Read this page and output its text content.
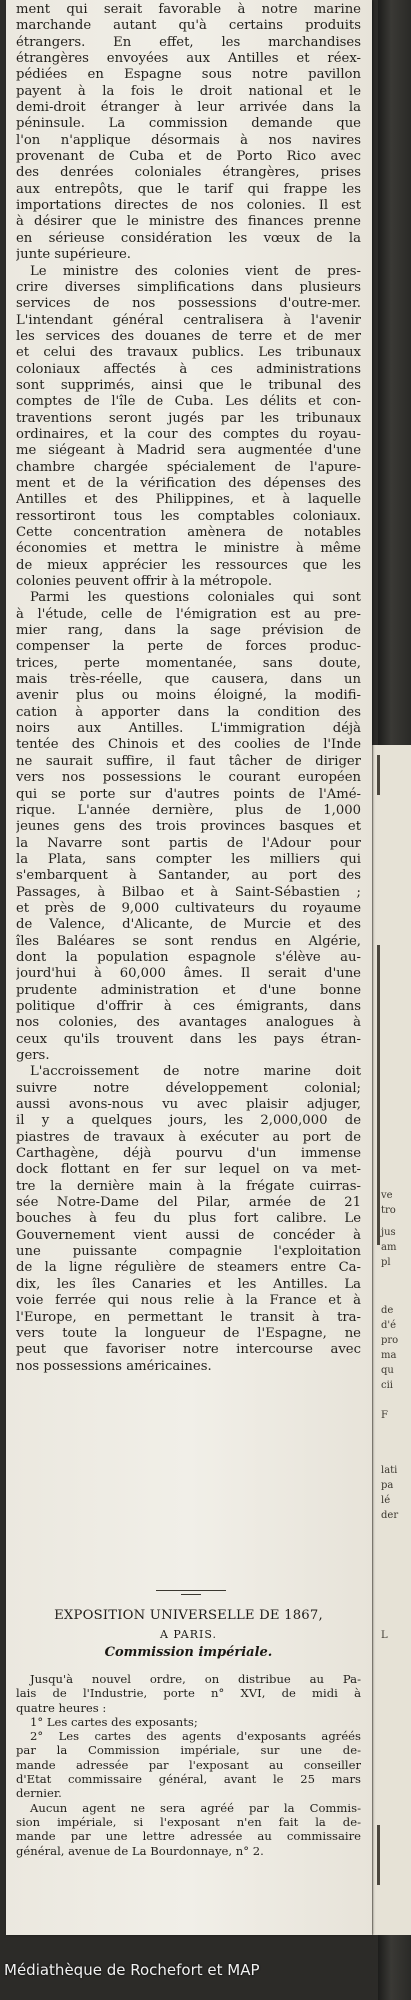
ve
tro
jus
am
pl
de
d'é
pro
ma
qu
cii
F
lati
pa
lé
der
L
ment qui serait favorable à notre marine
marchande autant qu'à certains produits
étrangers. En effet, les marchandises
étrangères envoyées aux Antilles et réex-
pédiées en Espagne sous notre pavillon
payent à la fois le droit national et le
demi-droit étranger à leur arrivée dans la
péninsule. La commission demande que
l'on n'applique désormais à nos navires
provenant de Cuba et de Porto Rico avec
des denrées coloniales étrangères, prises
aux entrepôts, que le tarif qui frappe les
importations directes de nos colonies. Il est
à désirer que le ministre des finances prenne
en sérieuse considération les vœux de la
junte supérieure.
Le ministre des colonies vient de pres-
crire diverses simplifications dans plusieurs
services de nos possessions d'outre-mer.
L'intendant général centralisera à l'avenir
les services des douanes de terre et de mer
et celui des travaux publics. Les tribunaux
coloniaux affectés à ces administrations
sont supprimés, ainsi que le tribunal des
comptes de l'île de Cuba. Les délits et con-
traventions seront jugés par les tribunaux
ordinaires, et la cour des comptes du royau-
me siégeant à Madrid sera augmentée d'une
chambre chargée spécialement de l'apure-
ment et de la vérification des dépenses des
Antilles et des Philippines, et à laquelle
ressortiront tous les comptables coloniaux.
Cette concentration amènera de notables
économies et mettra le ministre à même
de mieux apprécier les ressources que les
colonies peuvent offrir à la métropole.
Parmi les questions coloniales qui sont
à l'étude, celle de l'émigration est au pre-
mier rang, dans la sage prévision de
compenser la perte de forces produc-
trices, perte momentanée, sans doute,
mais très-réelle, que causera, dans un
avenir plus ou moins éloigné, la modifi-
cation à apporter dans la condition des
noirs aux Antilles. L'immigration déjà
tentée des Chinois et des coolies de l'Inde
ne saurait suffire, il faut tâcher de diriger
vers nos possessions le courant européen
qui se porte sur d'autres points de l'Amé-
rique. L'année dernière, plus de 1,000
jeunes gens des trois provinces basques et
la Navarre sont partis de l'Adour pour
la Plata, sans compter les milliers qui
s'embarquent à Santander, au port des
Passages, à Bilbao et à Saint-Sébastien ;
et près de 9,000 cultivateurs du royaume
de Valence, d'Alicante, de Murcie et des
îles Baléares se sont rendus en Algérie,
dont la population espagnole s'élève au-
jourd'hui à 60,000 âmes. Il serait d'une
prudente administration et d'une bonne
politique d'offrir à ces émigrants, dans
nos colonies, des avantages analogues à
ceux qu'ils trouvent dans les pays étran-
gers.
L'accroissement de notre marine doit
suivre notre développement colonial;
aussi avons-nous vu avec plaisir adjuger,
il y a quelques jours, les 2,000,000 de
piastres de travaux à exécuter au port de
Carthagène, déjà pourvu d'un immense
dock flottant en fer sur lequel on va met-
tre la dernière main à la frégate cuirras-
sée Notre-Dame del Pilar, armée de 21
bouches à feu du plus fort calibre. Le
Gouvernement vient aussi de concéder à
une puissante compagnie l'exploitation
de la ligne régulière de steamers entre Ca-
dix, les îles Canaries et les Antilles. La
voie ferrée qui nous relie à la France et à
l'Europe, en permettant le transit à tra-
vers toute la longueur de l'Espagne, ne
peut que favoriser notre intercourse avec
nos possessions américaines.
EXPOSITION UNIVERSELLE DE 1867,
A PARIS.
Commission impériale.
Jusqu'à nouvel ordre, on distribue au Pa-
lais de l'Industrie, porte n° XVI, de midi à
quatre heures :
1° Les cartes des exposants;
2° Les cartes des agents d'exposants agréés
par la Commission impériale, sur une de-
mande adressée par l'exposant au conseiller
d'Etat commissaire général, avant le 25 mars
dernier.
Aucun agent ne sera agréé par la Commis-
sion impériale, si l'exposant n'en fait la de-
mande par une lettre adressée au commissaire
général, avenue de La Bourdonnaye, n° 2.
Médiathèque de Rochefort et MAP
